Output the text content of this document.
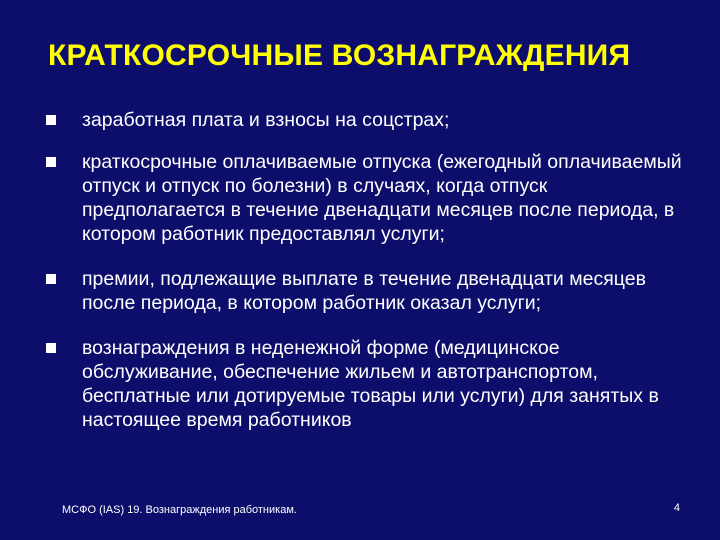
КРАТКОСРОЧНЫЕ ВОЗНАГРАЖДЕНИЯ
заработная плата и взносы на соцстрах;
краткосрочные оплачиваемые отпуска (ежегодный оплачиваемый отпуск и отпуск по болезни) в случаях, когда отпуск предполагается в течение двенадцати месяцев после периода, в котором работник предоставлял услуги;
премии, подлежащие выплате в течение двенадцати месяцев после периода, в котором работник оказал услуги;
вознаграждения в неденежной форме (медицинское обслуживание, обеспечение жильем и автотранспортом, бесплатные или дотируемые товары или услуги) для занятых в настоящее время работников
МСФО (IAS) 19. Вознаграждения работникам.	4
